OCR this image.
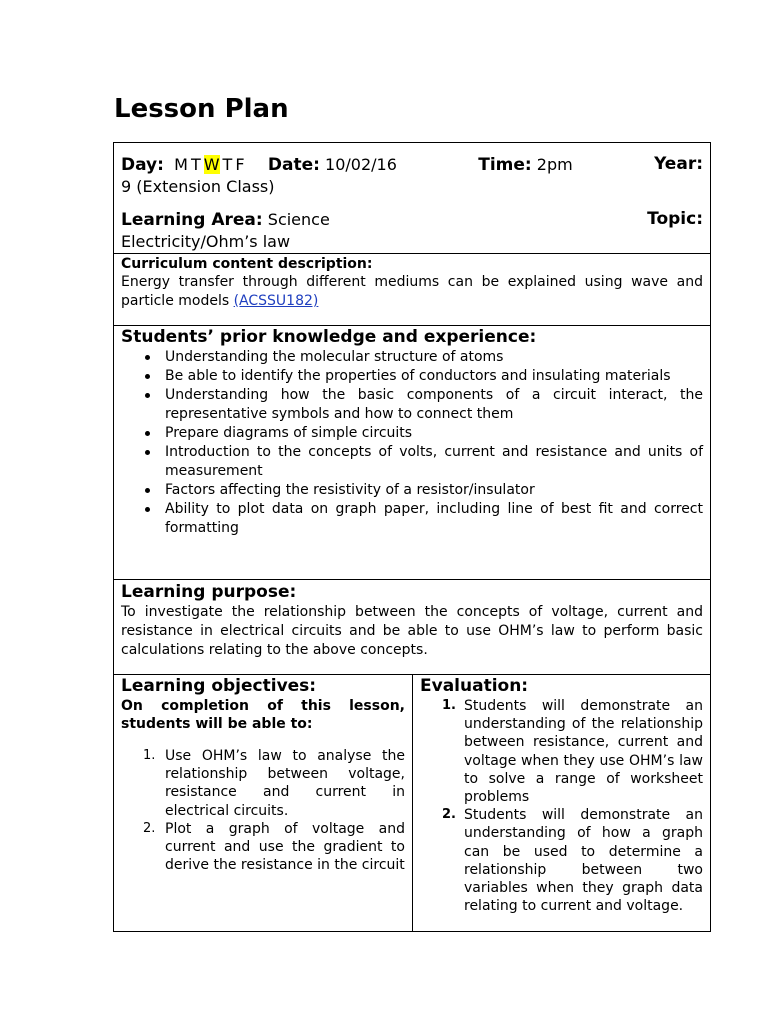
Lesson Plan
Day: M T W T F Date: 10/02/16	Time: 2pm	Year:
9 (Extension Class)
Learning Area: Science	Topic:
Electricity/Ohm’s law
Curriculum content description:
Energy transfer through different mediums can be explained using wave and particle models (ACSSU182)
Students’ prior knowledge and experience:
Understanding the molecular structure of atoms
Be able to identify the properties of conductors and insulating materials
Understanding how the basic components of a circuit interact, the representative symbols and how to connect them
Prepare diagrams of simple circuits
Introduction to the concepts of volts, current and resistance and units of measurement
Factors affecting the resistivity of a resistor/insulator
Ability to plot data on graph paper, including line of best fit and correct formatting
Learning purpose:
To investigate the relationship between the concepts of voltage, current and resistance in electrical circuits and be able to use OHM’s law to perform basic calculations relating to the above concepts.
Learning objectives:
On completion of this lesson, students will be able to:
1. Use OHM’s law to analyse the relationship between voltage, resistance and current in electrical circuits.
2. Plot a graph of voltage and current and use the gradient to derive the resistance in the circuit
Evaluation:
1. Students will demonstrate an understanding of the relationship between resistance, current and voltage when they use OHM’s law to solve a range of worksheet problems
2. Students will demonstrate an understanding of how a graph can be used to determine a relationship between two variables when they graph data relating to current and voltage.
